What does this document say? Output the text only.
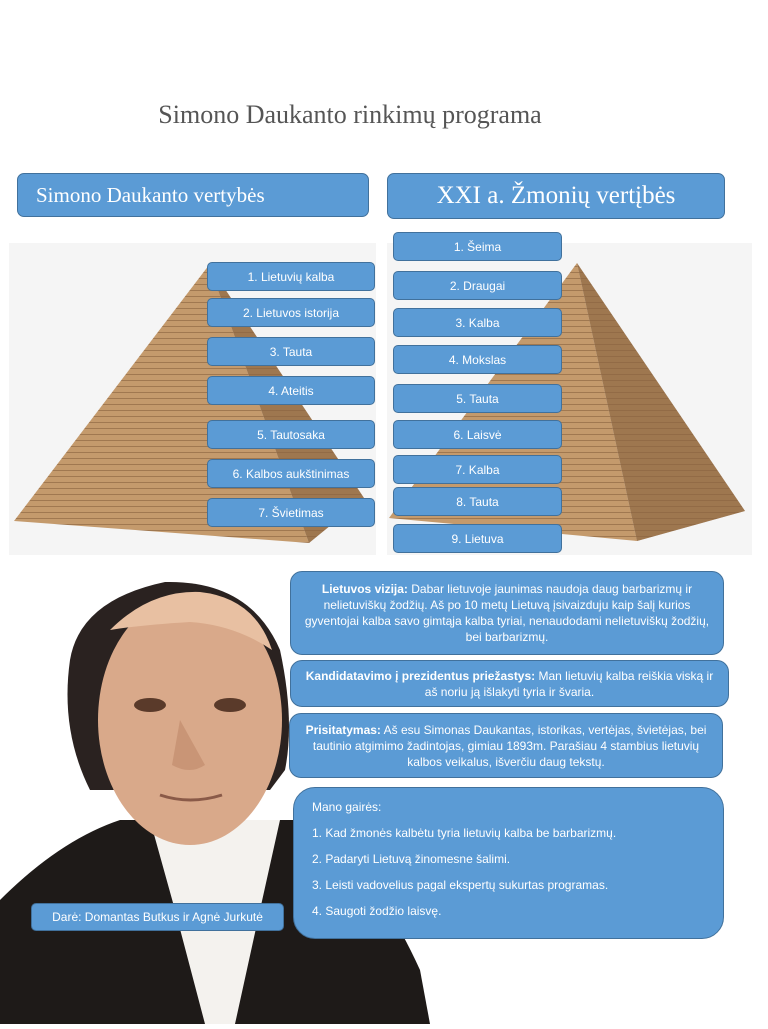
Simono Daukanto rinkimų programa
Simono Daukanto vertybės	XXI a. Žmonių vertįbės
1. Lietuvių kalba
2. Lietuvos istorija
3. Tauta
4. Ateitis
5. Tautosaka
6. Kalbos aukštinimas
7. Švietimas
1. Šeima
2. Draugai
3. Kalba
4. Mokslas
5. Tauta
6. Laisvė
7. Kalba
8. Tauta
9. Lietuva
Lietuvos vizija: Dabar lietuvoje jaunimas naudoja daug barbarizmų ir nelietuviškų žodžių. Aš po 10 metų Lietuvą įsivaizduju kaip šalį kurios gyventojai kalba savo gimtąja kalba tyriai, nenaudodami nelietuviškų žodžių, bei barbarizmų.
Kandidatavimo į prezidentus priežastys: Man lietuvių kalba reiškia viską ir aš noriu ją išlakyti tyria ir švaria.
Prisitatymas: Aš esu Simonas Daukantas, istorikas, vertėjas, švietėjas, bei tautinio atgimimo žadintojas, gimiau 1893m. Parašiau 4 stambius lietuvių kalbos veikalus, išverčiu daug tekstų.

Mano gairės:

1. Kad žmonės kalbėtu tyria lietuvių kalba be barbarizmų.

2. Padaryti Lietuvą žinomesne šalimi.

3. Leisti vadovelius pagal ekspertų sukurtas programas.

4. Saugoti žodžio laisvę.

Darė: Domantas Butkus ir Agnė Jurkutė
